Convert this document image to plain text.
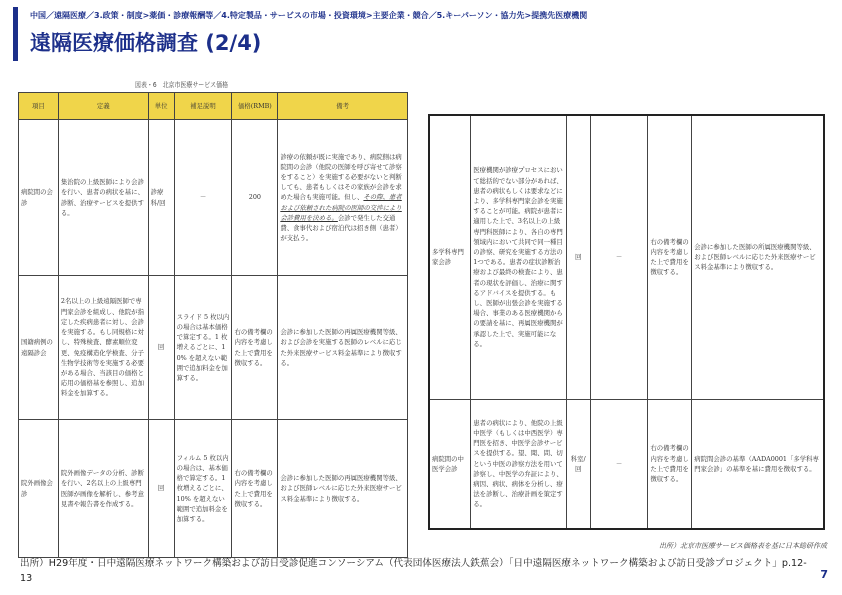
中国／遠隔医療／3.政策・制度>薬価・診療報酬等／4.特定製品・サービスの市場・投資環境>主要企業・競合／5.キーパーソン・協力先>提携先医療機関
遠隔医療価格調査 (2/4)
図表・6　北京市医療サービス価格
項目	定義	単位	補足説明	価格(RMB)	備考
病院間の会診	集治院の上級医師により会診を行い、患者の病状を基に、診断、治療サービスを提供する。	診療科/回	－	200	診療の依頼が既に実施であり、病院側は病院間の会診（他院の医師を呼び寄せて診察をすること）を実施する必要がないと判断しても、患者もしくはその家族が会診を求めた場合も実施可能。但し、その際、患者および依頼された病院の医師の交渉により会診費用を決める。会診で発生した交通費、食事代および宿泊代は招き側（患者）が支払う。
国籍病例の遠隔診会	2名以上の上級遠隔医師で専門家会診を組成し、他院が指定した疾病患者に対し、会診を実施する。もし同規格に対し、特殊検査、酵素順位変更、免疫構造化学検査、分子生物学技術等を実施する必要がある場合、当該目の価格と応用の価格基を参照し、追加料金を加算する。	回	スライド 5 枚以内の場合は基本価格で算定する。1 枚増えるごとに、10% を超えない範囲で追加料金を加算する。	右の備考欄の内容を考慮した上で費用を徴収する。	会診に参加した医師の再属医療機関等級、および会診を実施する医師のレベルに応じた外来医療サービス料金基準により徴収する。
院外画像会診	院外画像データの分析、診断を行い、2名以上の上級専門医師が画像を解析し、参考意見書や報告書を作成する。	回	フィルム 5 枚以内の場合は、基本価格で算定する。1 枚増えるごとに、10% を超えない範囲で追加料金を加算する。	右の備考欄の内容を考慮した上で費用を徴収する。	会診に参加した医師の再属医療機関等級、および医師レベルに応じた外来医療サービス料金基準により徴収する。
多学科専門家会診	医療機関が診療プロセスにおいて総括的でない部分があれば、患者の病状もしくは要求などにより、多学科専門家会診を実施することが可能。病院が患者に適用した上で、3名以上の上級専門科医師により、各自の専門領域内において共同で同一種目の診察、研究を実施する方法の1つである。患者の症状診断治療および最終の検査により、患者の現状を評価し、治療に関するアドバイスを提供する。もし、医師が出張会診を実施する場合、事業のある医療機関からの要請を基に、再属医療機関が承認した上で、実施可能になる。	回	－	右の備考欄の内容を考慮した上で費用を徴収する。	会診に参加した医師の所属医療機関等級、および医師レベルに応じた外来医療サービス料金基準により徴収する。
病院間の中医学会診	患者の病状により、他院の上級中医学（もしくは中西医学）専門医を招き、中医学会診サービスを提供する。望、聞、問、切という中医の診察方法を用いて診察し、中医学の弁証により、病因、病状、病体を分析し、療法を診断し、治療計画を策定する。	科室/回	－	右の備考欄の内容を考慮した上で費用を徴収する。	病院間会診の基準（AADA0001「多学科専門家会診」の基準を基に費用を徴収する。
出所）北京市医療サービス価格表を基に日本総研作成

出所）H29年度・日中遠隔医療ネットワーク構築および訪日受診促進コンソーシアム（代表団体医療法人鉄蕉会）「日中遠隔医療ネットワーク構築および訪日受診プロジェクト」p.12-13	7
